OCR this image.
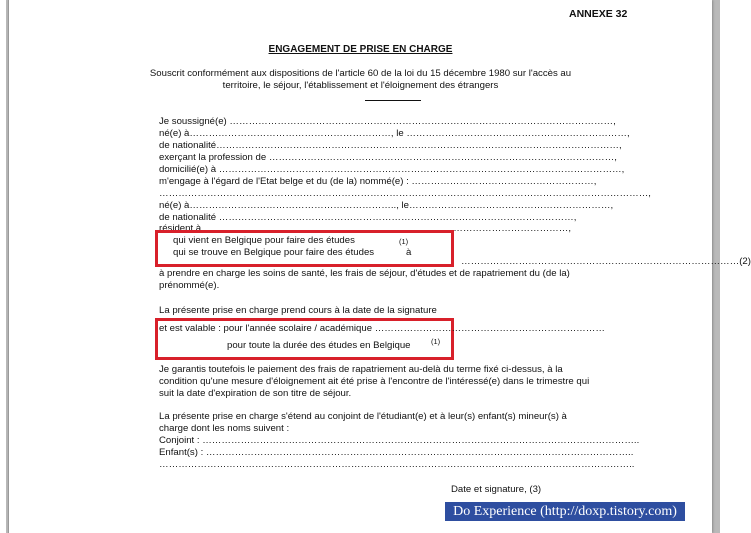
ANNEXE 32
ENGAGEMENT DE PRISE EN CHARGE
Souscrit conformément aux dispositions de l'article 60 de la loi du 15 décembre 1980 sur l'accès au
territoire, le séjour, l'établissement et l'éloignement des étrangers
Je soussigné(e) …………………………………………………………………………………………………………,
né(e) à………………………………………………………, le ……………………………………………………………,
de nationalité………………………………………………………………………………………………………………,
exerçant la profession de ………………………………………………………………………………………………,
domicilié(e) à ………………………………………………………………………………………………………………,
m'engage à l'égard de l'Etat belge et du (de la) nommé(e) : …………………………………………………,
………………………………………………………………………………………………………………………………………,
né(e) à……………………………………………………….., le………………………………………………………,
de nationalité …………………………………………………………………………………………………,
résident à ……………………………………………………………………………………………………,
qui vient en Belgique pour faire des études	(1)
qui se trouve en Belgique pour faire des études	à
……………………………………………………………………………(2)
à prendre en charge les soins de santé, les frais de séjour, d'études et de rapatriement du (de la)
prénommé(e).
La présente prise en charge prend cours à la date de la signature
et est valable : pour l'année scolaire / académique ………………………………………………………………
pour toute la durée des études en Belgique	(1)
Je garantis toutefois le paiement des frais de rapatriement au-delà du terme fixé ci-dessus, à la
condition qu'une mesure d'éloignement ait été prise à l'encontre de l'intéressé(e) dans le trimestre qui
suit la date d'expiration de son titre de séjour.
La présente prise en charge s'étend au conjoint de l'étudiant(e) et à leur(s) enfant(s) mineur(s) à
charge dont les noms suivent :
Conjoint : ………………………………………………………………………………………………………………………..
Enfant(s) : ……………………………………………………………………………………………………………………..
…………………………………………………………………………………………………………………………………..
Date et signature, (3)
Do Experience (http://doxp.tistory.com)
